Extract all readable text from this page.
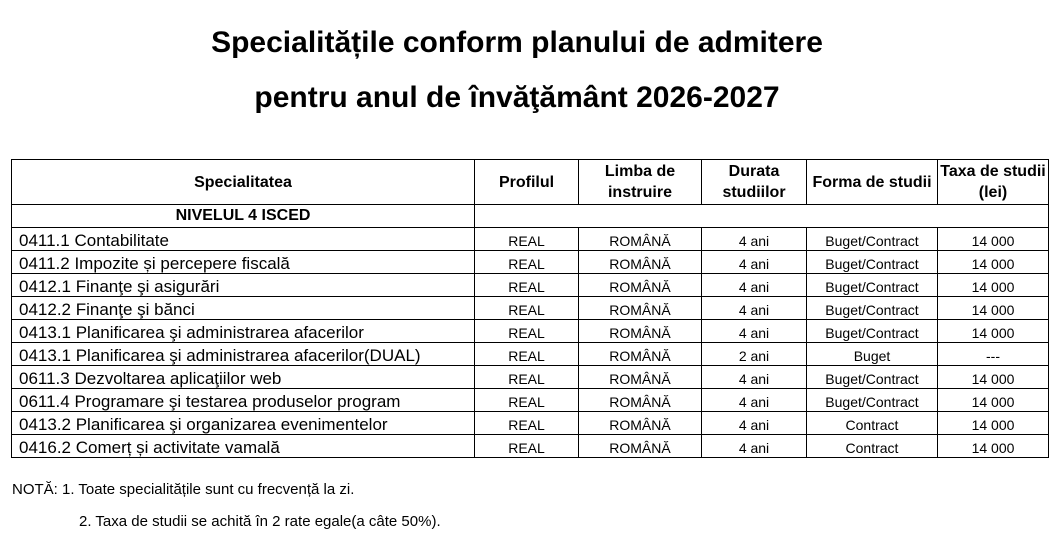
Specialitățile conform planului de admitere
pentru anul de învăţământ 2026-2027
Specialitatea	Profilul	Limba de instruire	Durata studiilor	Forma de studii	Taxa de studii (lei)
NIVELUL 4 ISCED					
0411.1 Contabilitate	REAL	ROMÂNĂ	4 ani	Buget/Contract	14 000
0411.2 Impozite și percepere fiscală	REAL	ROMÂNĂ	4 ani	Buget/Contract	14 000
0412.1 Finanţe şi asigurări	REAL	ROMÂNĂ	4 ani	Buget/Contract	14 000
0412.2 Finanţe şi bănci	REAL	ROMÂNĂ	4 ani	Buget/Contract	14 000
0413.1 Planificarea şi administrarea afacerilor	REAL	ROMÂNĂ	4 ani	Buget/Contract	14 000
0413.1 Planificarea şi administrarea afacerilor(DUAL)	REAL	ROMÂNĂ	2 ani	Buget	---
0611.3 Dezvoltarea aplicaţiilor web	REAL	ROMÂNĂ	4 ani	Buget/Contract	14 000
0611.4 Programare şi testarea produselor program	REAL	ROMÂNĂ	4 ani	Buget/Contract	14 000
0413.2 Planificarea şi organizarea evenimentelor	REAL	ROMÂNĂ	4 ani	Contract	14 000
0416.2 Comerț și activitate vamală	REAL	ROMÂNĂ	4 ani	Contract	14 000
NOTĂ: 1. Toate specialitățile sunt cu frecvență la zi.
2. Taxa de studii se achită în 2 rate egale(a câte 50%).
